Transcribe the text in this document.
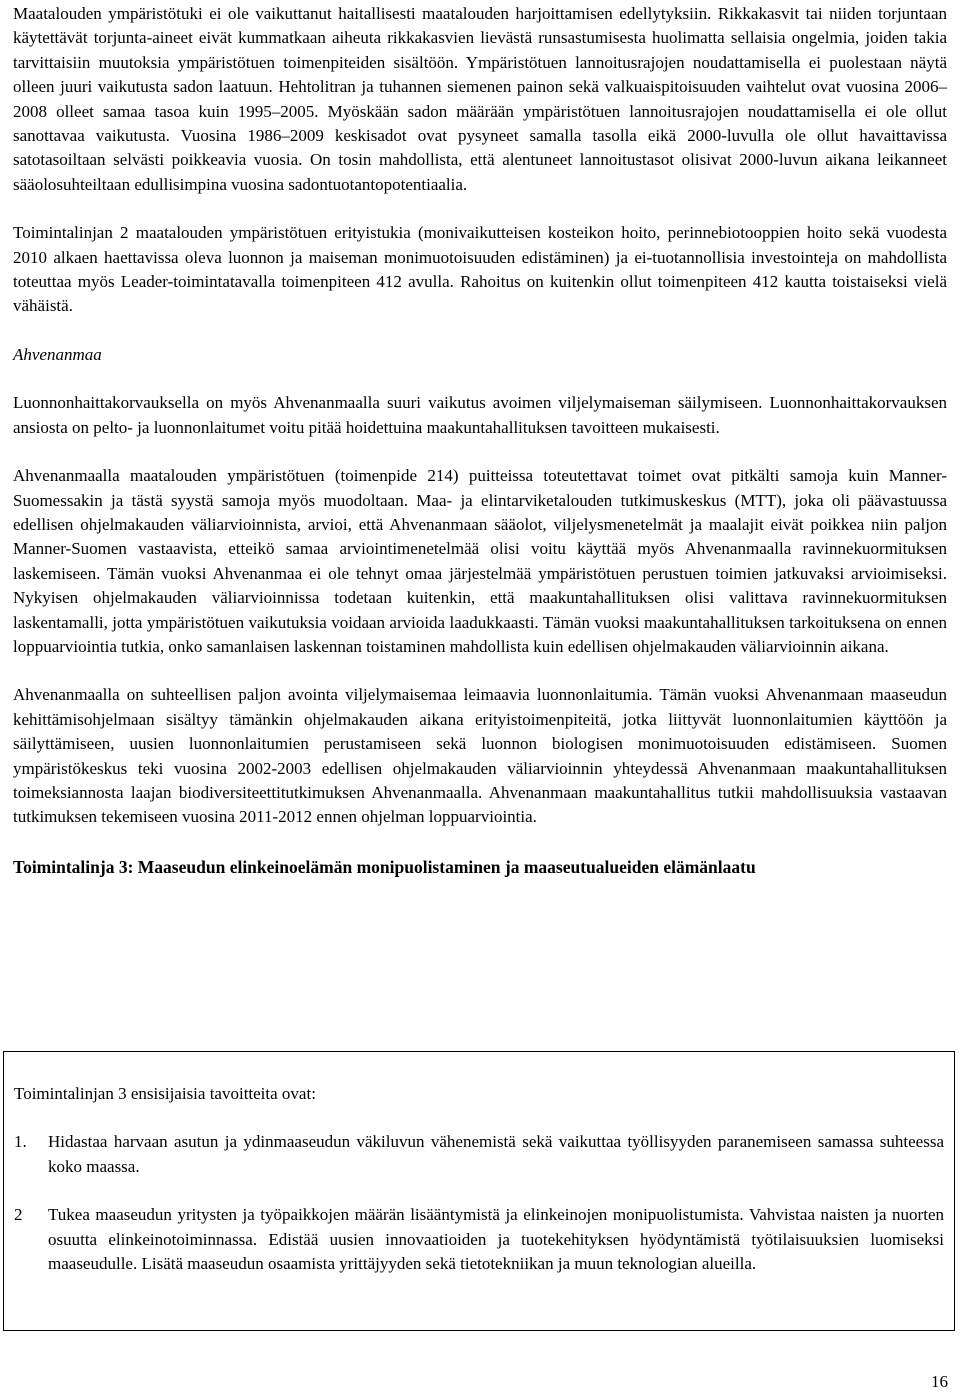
Maatalouden ympäristötuki ei ole vaikuttanut haitallisesti maatalouden harjoittamisen edellytyksiin. Rikkakasvit tai niiden torjuntaan käytettävät torjunta-aineet eivät kummatkaan aiheuta rikkakasvien lievästä runsastumisesta huolimatta sellaisia ongelmia, joiden takia tarvittaisiin muutoksia ympäristötuen toimenpiteiden sisältöön. Ympäristötuen lannoitusrajojen noudattamisella ei puolestaan näytä olleen juuri vaikutusta sadon laatuun. Hehtolitran ja tuhannen siemenen painon sekä valkuaispitoisuuden vaihtelut ovat vuosina 2006–2008 olleet samaa tasoa kuin 1995–2005. Myöskään sadon määrään ympäristötuen lannoitusrajojen noudattamisella ei ole ollut sanottavaa vaikutusta. Vuosina 1986–2009 keskisadot ovat pysyneet samalla tasolla eikä 2000-luvulla ole ollut havaittavissa satotasoiltaan selvästi poikkeavia vuosia. On tosin mahdollista, että alentuneet lannoitustasot olisivat 2000-luvun aikana leikanneet sääolosuhteiltaan edullisimpina vuosina sadontuotantopotentiaalia.

Toimintalinjan 2 maatalouden ympäristötuen erityistukia (monivaikutteisen kosteikon hoito, perinnebiotooppien hoito sekä vuodesta 2010 alkaen haettavissa oleva luonnon ja maiseman monimuotoisuuden edistäminen) ja ei-tuotannollisia investointeja on mahdollista toteuttaa myös Leader-toimintatavalla toimenpiteen 412 avulla. Rahoitus on kuitenkin ollut toimenpiteen 412 kautta toistaiseksi vielä vähäistä.

Ahvenanmaa

Luonnonhaittakorvauksella on myös Ahvenanmaalla suuri vaikutus avoimen viljelymaiseman säilymiseen. Luonnonhaittakorvauksen ansiosta on pelto- ja luonnonlaitumet voitu pitää hoidettuina maakuntahallituksen tavoitteen mukaisesti.

Ahvenanmaalla maatalouden ympäristötuen (toimenpide 214) puitteissa toteutettavat toimet ovat pitkälti samoja kuin Manner-Suomessakin ja tästä syystä samoja myös muodoltaan. Maa- ja elintarviketalouden tutkimuskeskus (MTT), joka oli päävastuussa edellisen ohjelmakauden väliarvioinnista, arvioi, että Ahvenanmaan sääolot, viljelysmenetelmät ja maalajit eivät poikkea niin paljon Manner-Suomen vastaavista, etteikö samaa arviointimenetelmää olisi voitu käyttää myös Ahvenanmaalla ravinnekuormituksen laskemiseen. Tämän vuoksi Ahvenanmaa ei ole tehnyt omaa järjestelmää ympäristötuen perustuen toimien jatkuvaksi arvioimiseksi. Nykyisen ohjelmakauden väliarvioinnissa todetaan kuitenkin, että maakuntahallituksen olisi valittava ravinnekuormituksen laskentamalli, jotta ympäristötuen vaikutuksia voidaan arvioida laadukkaasti. Tämän vuoksi maakuntahallituksen tarkoituksena on ennen loppuarviointia tutkia, onko samanlaisen laskennan toistaminen mahdollista kuin edellisen ohjelmakauden väliarvioinnin aikana.

Ahvenanmaalla on suhteellisen paljon avointa viljelymaisemaa leimaavia luonnonlaitumia. Tämän vuoksi Ahvenanmaan maaseudun kehittämisohjelmaan sisältyy tämänkin ohjelmakauden aikana erityistoimenpiteitä, jotka liittyvät luonnonlaitumien käyttöön ja säilyttämiseen, uusien luonnonlaitumien perustamiseen sekä luonnon biologisen monimuotoisuuden edistämiseen. Suomen ympäristökeskus teki vuosina 2002-2003 edellisen ohjelmakauden väliarvioinnin yhteydessä Ahvenanmaan maakuntahallituksen toimeksiannosta laajan biodiversiteettitutkimuksen Ahvenanmaalla. Ahvenanmaan maakuntahallitus tutkii mahdollisuuksia vastaavan tutkimuksen tekemiseen vuosina 2011-2012 ennen ohjelman loppuarviointia.

Toimintalinja 3: Maaseudun elinkeinoelämän monipuolistaminen ja maaseutualueiden elämänlaatu

Toimintalinjan 3 ensisijaisia tavoitteita ovat:
1.	Hidastaa harvaan asutun ja ydinmaaseudun väkiluvun vähenemistä sekä vaikuttaa työllisyyden paranemiseen samassa suhteessa koko maassa.
2	Tukea maaseudun yritysten ja työpaikkojen määrän lisääntymistä ja elinkeinojen monipuolistumista. Vahvistaa naisten ja nuorten osuutta elinkeinotoiminnassa. Edistää uusien innovaatioiden ja tuotekehityksen hyödyntämistä työtilaisuuksien luomiseksi maaseudulle. Lisätä maaseudun osaamista yrittäjyyden sekä tietotekniikan ja muun teknologian alueilla.
16
